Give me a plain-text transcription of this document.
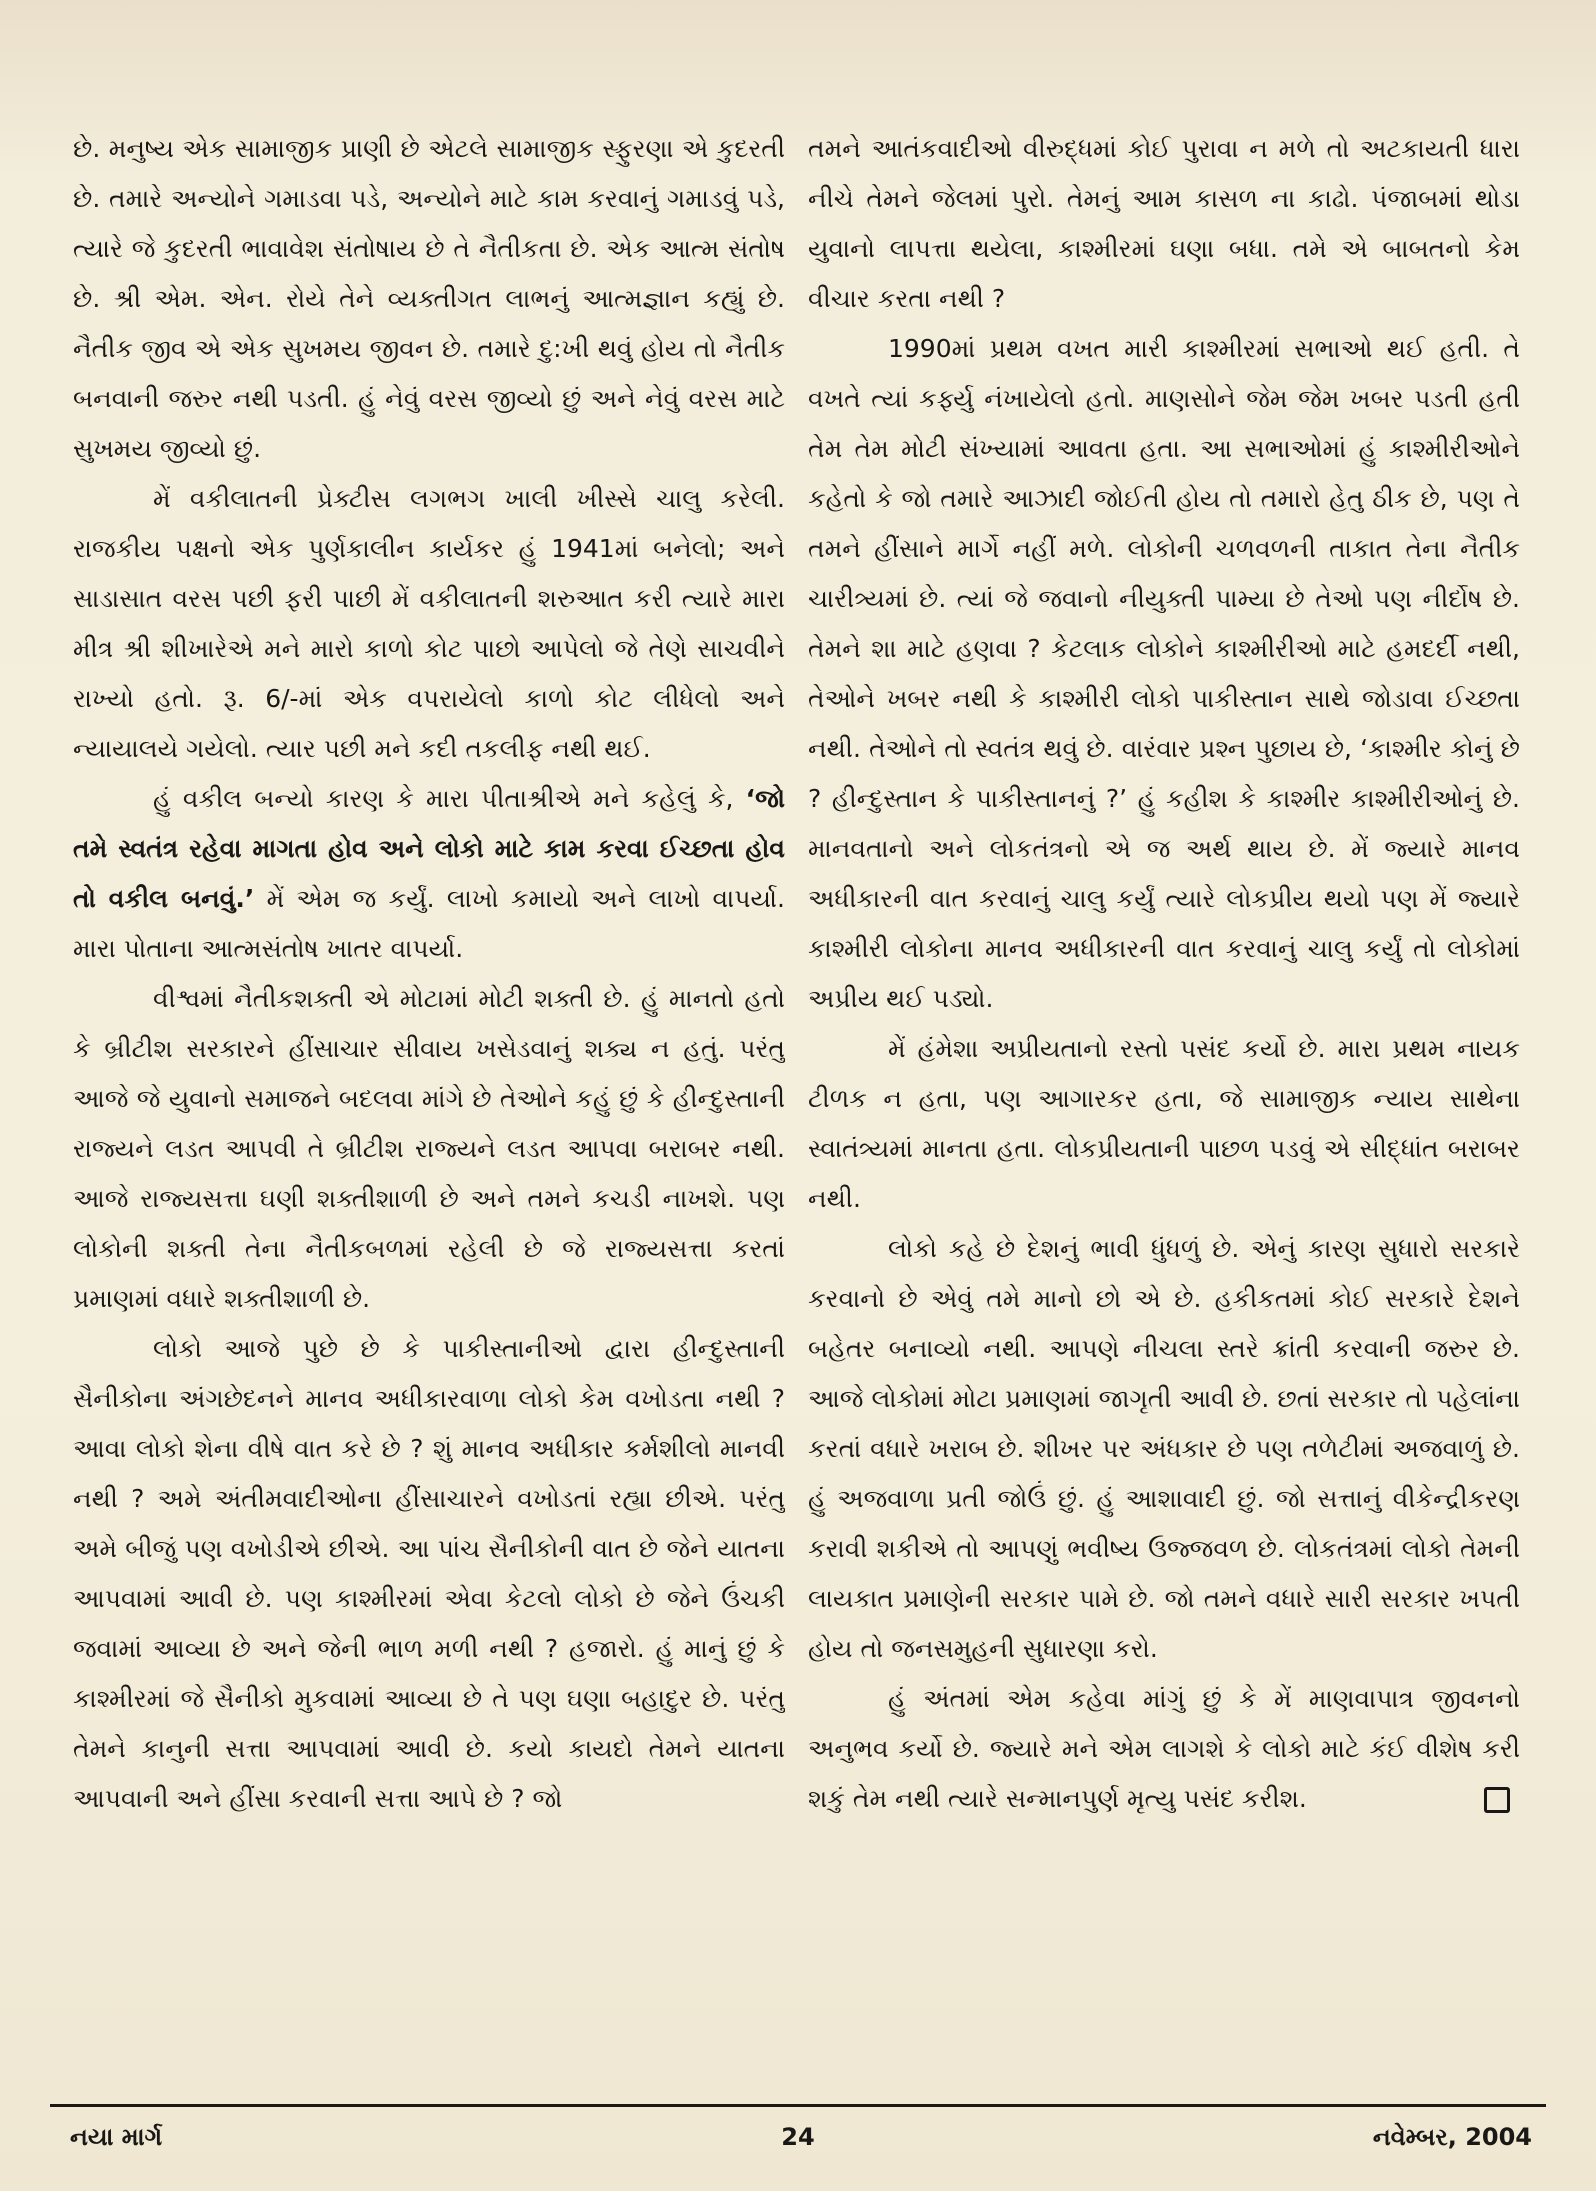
છે. મનુષ્ય એક સામાજીક પ્રાણી છે એટલે સામાજીક સ્ફુરણા એ કુદરતી છે. તમારે અન્યોને ગમાડવા પડે, અન્યોને માટે કામ કરવાનું ગમાડવું પડે, ત્યારે જે કુદરતી ભાવાવેશ સંતોષાય છે તે નૈતીકતા છે. એક આત્મ સંતોષ છે. શ્રી એમ. એન. રોયે તેને વ્યક્તીગત લાભનું આત્મજ્ઞાન કહ્યું છે. નૈતીક જીવ એ એક સુખમય જીવન છે. તમારે દુ:ખી થવું હોય તો નૈતીક બનવાની જરુર નથી પડતી. હું નેવું વરસ જીવ્યો છું અને નેવું વરસ માટે સુખમય જીવ્યો છું.

મેં વકીલાતની પ્રેક્ટીસ લગભગ ખાલી ખીસ્સે ચાલુ કરેલી. રાજકીય પક્ષનો એક પુર્ણકાલીન કાર્યકર હું 1941માં બનેલો; અને સાડાસાત વરસ પછી ફરી પાછી મેં વકીલાતની શરુઆત કરી ત્યારે મારા મીત્ર શ્રી શીખારેએ મને મારો કાળો કોટ પાછો આપેલો જે તેણે સાચવીને રાખ્યો હતો. રૂ. 6/-માં એક વપરાયેલો કાળો કોટ લીધેલો અને ન્યાયાલયે ગયેલો. ત્યાર પછી મને કદી તકલીફ નથી થઈ.

હું વકીલ બન્યો કારણ કે મારા પીતાશ્રીએ મને કહેલું કે, ‘જો તમે સ્વતંત્ર રહેવા માગતા હોવ અને લોકો માટે કામ કરવા ઈચ્છતા હોવ તો વકીલ બનવું.’ મેં એમ જ કર્યું. લાખો કમાયો અને લાખો વાપર્યા. મારા પોતાના આત્મસંતોષ ખાતર વાપર્યા.

વીશ્વમાં નૈતીકશક્તી એ મોટામાં મોટી શક્તી છે. હું માનતો હતો કે બ્રીટીશ સરકારને હીંસાચાર સીવાય ખસેડવાનું શક્ય ન હતું. પરંતુ આજે જે યુવાનો સમાજને બદલવા માંગે છે તેઓને કહું છું કે હીન્દુસ્તાની રાજ્યને લડત આપવી તે બ્રીટીશ રાજ્યને લડત આપવા બરાબર નથી. આજે રાજ્યસત્તા ઘણી શક્તીશાળી છે અને તમને કચડી નાખશે. પણ લોકોની શક્તી તેના નૈતીકબળમાં રહેલી છે જે રાજ્યસત્તા કરતાં પ્રમાણમાં વધારે શક્તીશાળી છે.

લોકો આજે પુછે છે કે પાકીસ્તાનીઓ દ્વારા હીન્દુસ્તાની સૈનીકોના અંગછેદનને માનવ અધીકારવાળા લોકો કેમ વખોડતા નથી ? આવા લોકો શેના વીષે વાત કરે છે ? શું માનવ અધીકાર કર્મશીલો માનવી નથી ? અમે અંતીમવાદીઓના હીંસાચારને વખોડતાં રહ્યા છીએ. પરંતુ અમે બીજું પણ વખોડીએ છીએ. આ પાંચ સૈનીકોની વાત છે જેને યાતના આપવામાં આવી છે. પણ કાશ્મીરમાં એવા કેટલો લોકો છે જેને ઉંચકી જવામાં આવ્યા છે અને જેની ભાળ મળી નથી ? હજારો. હું માનું છું કે કાશ્મીરમાં જે સૈનીકો મુકવામાં આવ્યા છે તે પણ ઘણા બહાદુર છે. પરંતુ તેમને કાનુની સત્તા આપવામાં આવી છે. કયો કાયદો તેમને યાતના આપવાની અને હીંસા કરવાની સત્તા આપે છે ? જો

તમને આતંકવાદીઓ વીરુદ્ધમાં કોઈ પુરાવા ન મળે તો અટકાયતી ધારા નીચે તેમને જેલમાં પુરો. તેમનું આમ કાસળ ના કાઢો. પંજાબમાં થોડા યુવાનો લાપત્તા થયેલા, કાશ્મીરમાં ઘણા બધા. તમે એ બાબતનો કેમ વીચાર કરતા નથી ?

1990માં પ્રથમ વખત મારી કાશ્મીરમાં સભાઓ થઈ હતી. તે વખતે ત્યાં કર્ફ્યુ નંખાયેલો હતો. માણસોને જેમ જેમ ખબર પડતી હતી તેમ તેમ મોટી સંખ્યામાં આવતા હતા. આ સભાઓમાં હું કાશ્મીરીઓને કહેતો કે જો તમારે આઝાદી જોઈતી હોય તો તમારો હેતુ ઠીક છે, પણ તે તમને હીંસાને માર્ગે નહીં મળે. લોકોની ચળવળની તાકાત તેના નૈતીક ચારીત્ર્યમાં છે. ત્યાં જે જવાનો નીયુક્તી પામ્યા છે તેઓ પણ નીર્દોષ છે. તેમને શા માટે હણવા ? કેટલાક લોકોને કાશ્મીરીઓ માટે હમદર્દી નથી, તેઓને ખબર નથી કે કાશ્મીરી લોકો પાકીસ્તાન સાથે જોડાવા ઈચ્છતા નથી. તેઓને તો સ્વતંત્ર થવું છે. વારંવાર પ્રશ્ન પુછાય છે, ‘કાશ્મીર કોનું છે ? હીન્દુસ્તાન કે પાકીસ્તાનનું ?’ હું કહીશ કે કાશ્મીર કાશ્મીરીઓનું છે. માનવતાનો અને લોકતંત્રનો એ જ અર્થ થાય છે. મેં જ્યારે માનવ અધીકારની વાત કરવાનું ચાલુ કર્યું ત્યારે લોકપ્રીય થયો પણ મેં જ્યારે કાશ્મીરી લોકોના માનવ અધીકારની વાત કરવાનું ચાલુ કર્યું તો લોકોમાં અપ્રીય થઈ પડ્યો.

મેં હંમેશા અપ્રીયતાનો રસ્તો પસંદ કર્યો છે. મારા પ્રથમ નાયક ટીળક ન હતા, પણ આગારકર હતા, જે સામાજીક ન્યાય સાથેના સ્વાતંત્ર્યમાં માનતા હતા. લોકપ્રીયતાની પાછળ પડવું એ સીદ્ધાંત બરાબર નથી.

લોકો કહે છે દેશનું ભાવી ધુંધળું છે. એનું કારણ સુધારો સરકારે કરવાનો છે એવું તમે માનો છો એ છે. હકીકતમાં કોઈ સરકારે દેશને બહેતર બનાવ્યો નથી. આપણે નીચલા સ્તરે ક્રાંતી કરવાની જરુર છે. આજે લોકોમાં મોટા પ્રમાણમાં જાગૃતી આવી છે. છતાં સરકાર તો પહેલાંના કરતાં વધારે ખરાબ છે. શીખર પર અંધકાર છે પણ તળેટીમાં અજવાળું છે. હું અજવાળા પ્રતી જોઉં છું. હું આશાવાદી છું. જો સત્તાનું વીકેન્દ્રીકરણ કરાવી શકીએ તો આપણું ભવીષ્ય ઉજ્જવળ છે. લોકતંત્રમાં લોકો તેમની લાયકાત પ્રમાણેની સરકાર પામે છે. જો તમને વધારે સારી સરકાર ખપતી હોય તો જનસમુહની સુધારણા કરો.

હું અંતમાં એમ કહેવા માંગું છું કે મેં માણવાપાત્ર જીવનનો અનુભવ કર્યો છે. જ્યારે મને એમ લાગશે કે લોકો માટે કંઈ વીશેષ કરી શકું તેમ નથી ત્યારે સન્માનપુર્ણ મૃત્યુ પસંદ કરીશ.

નયા માર્ગ	24	નવેમ્બર, 2004
